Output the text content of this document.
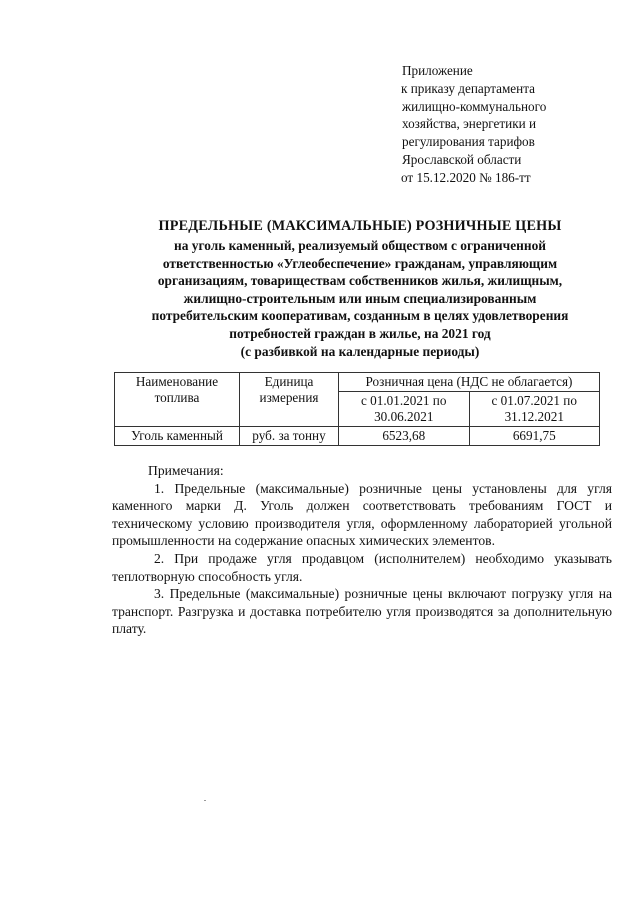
Приложение
к приказу департамента
жилищно-коммунального
хозяйства, энергетики и
регулирования тарифов
Ярославской области
от 15.12.2020 № 186-тт
ПРЕДЕЛЬНЫЕ (МАКСИМАЛЬНЫЕ) РОЗНИЧНЫЕ ЦЕНЫ
на уголь каменный, реализуемый обществом с ограниченной
ответственностью «Углеобеспечение» гражданам, управляющим
организациям, товариществам собственников жилья, жилищным,
жилищно-строительным или иным специализированным
потребительским кооперативам, созданным в целях удовлетворения
потребностей граждан в жилье, на 2021 год
(с разбивкой на календарные периоды)
Наименование топлива	Единица измерения	Розничная цена (НДС не облагается)	
		с 01.01.2021 по 30.06.2021	с 01.07.2021 по 31.12.2021
Уголь каменный	руб. за тонну	6523,68	6691,75

Примечания:

1. Предельные (максимальные) розничные цены установлены для угля каменного марки Д. Уголь должен соответствовать требованиям ГОСТ и техническому условию производителя угля, оформленному лабораторией угольной промышленности на содержание опасных химических элементов.

2. При продаже угля продавцом (исполнителем) необходимо указывать теплотворную способность угля.

3. Предельные (максимальные) розничные цены включают погрузку угля на транспорт. Разгрузка и доставка потребителю угля производятся за дополнительную плату.
